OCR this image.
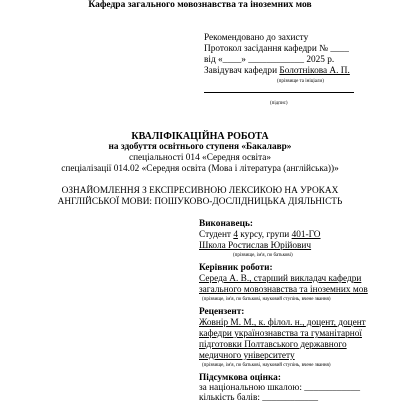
Кафедра загального мовознавства та іноземних мов
Рекомендовано до захисту
Протокол засідання кафедри № ____
від «____» ____________ 2025 р.
Завідувач кафедри Болотнікова А. П.
(прізвище та ініціали)
(підпис)
КВАЛІФІКАЦІЙНА РОБОТА
на здобуття освітнього ступеня «Бакалавр»
спеціальності 014 «Середня освіта»
спеціалізації 014.02 «Середня освіта (Мова і література (англійська))»
ОЗНАЙОМЛЕННЯ З ЕКСПРЕСИВНОЮ ЛЕКСИКОЮ НА УРОКАХ
АНГЛІЙСЬКОЇ МОВИ: ПОШУКОВО-ДОСЛІДНИЦЬКА ДІЯЛЬНІСТЬ
Виконавець:
Студент 4 курсу, групи 401-ГО
Школа Ростислав Юрійович
(прізвище, ім'я, по батькові)
Керівник роботи:
Середа А. В., старший викладач кафедри
загального мовознавства та іноземних мов
(прізвище, ім'я, по батькові, науковий ступінь, вчене звання)
Рецензент:
Жовнір М. М., к. філол. н., доцент, доцент
кафедри українознавства та гуманітарної
підготовки Полтавського державного
медичного університету
(прізвище, ім'я, по батькові, науковий ступінь, вчене звання)
Підсумкова оцінка:
за національною шкалою: ____________
кількість балів: ____________
